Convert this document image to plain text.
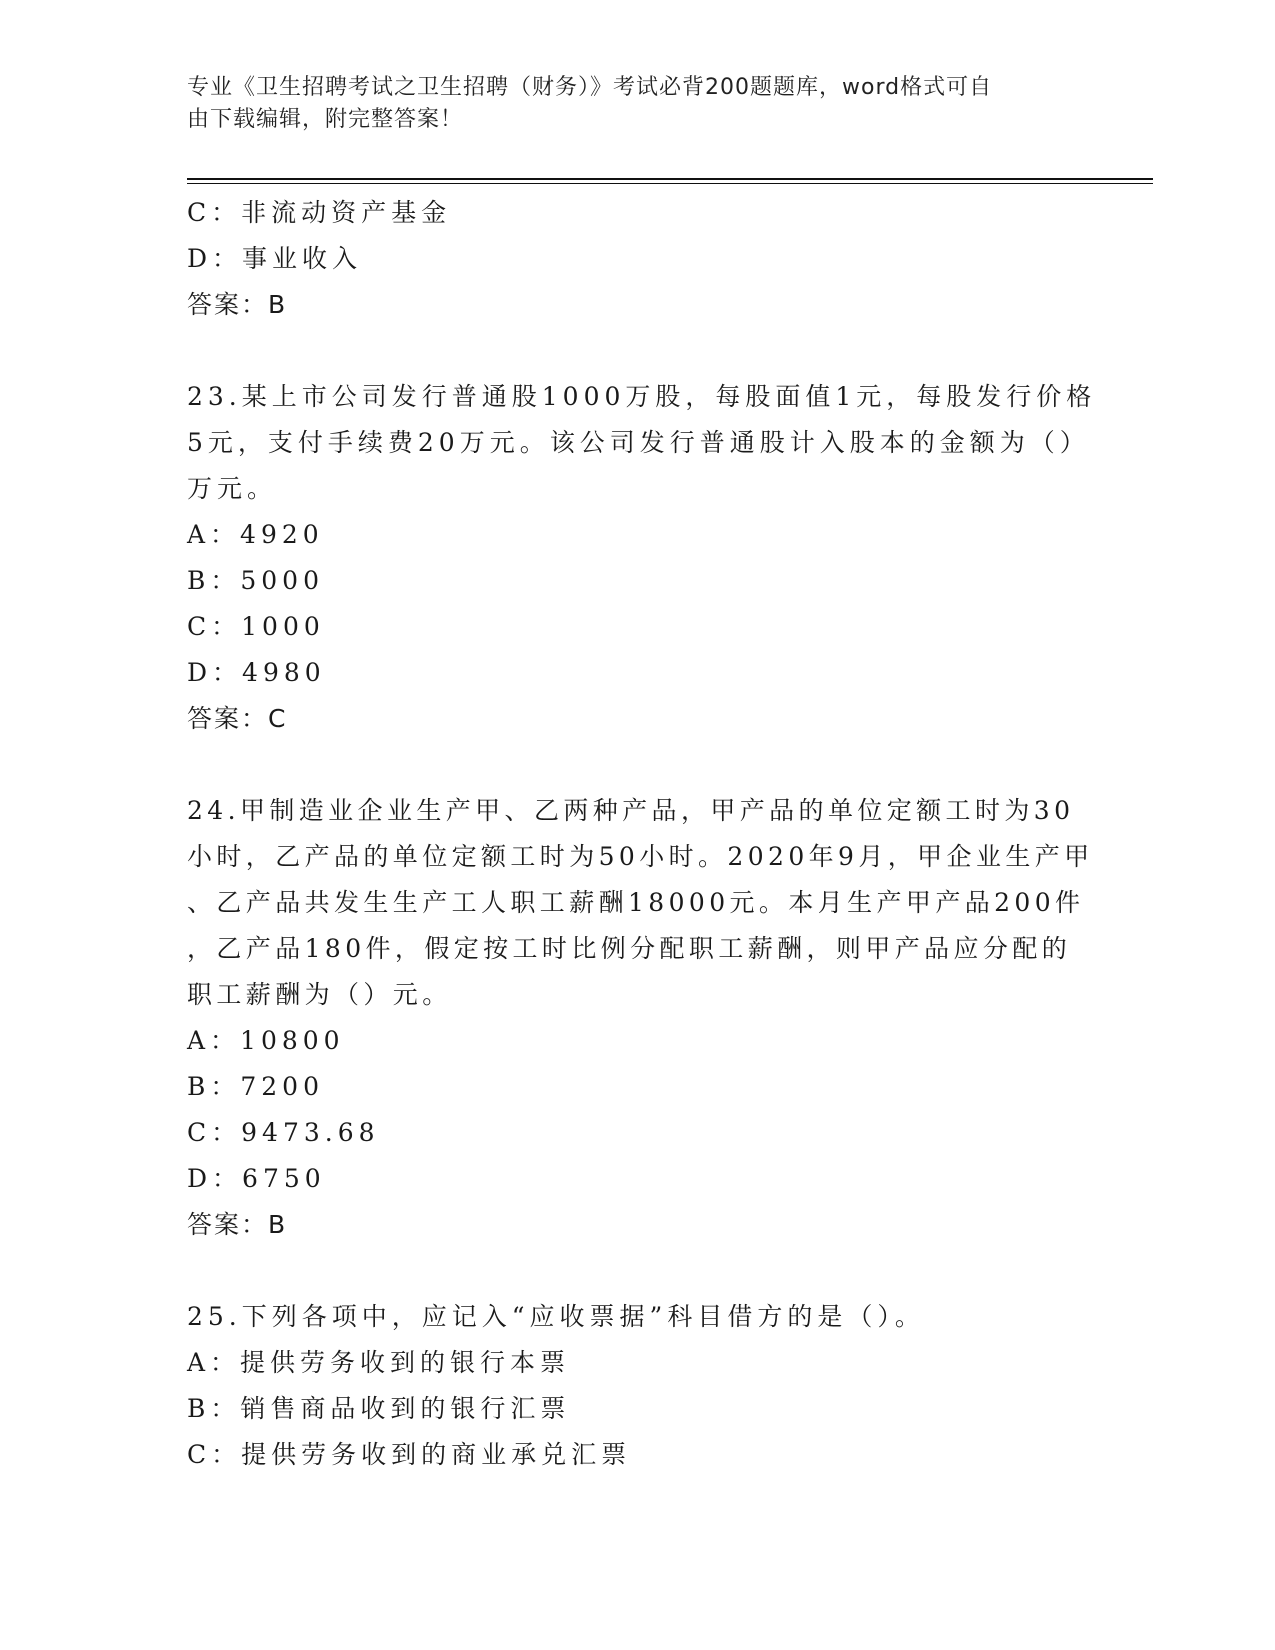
专业《卫生招聘考试之卫生招聘（财务）》考试必背200题题库，word格式可自
由下载编辑，附完整答案！
C：非流动资产基金
D：事业收入
答案：B
23.某上市公司发行普通股1000万股，每股面值1元，每股发行价格
5元，支付手续费20万元。该公司发行普通股计入股本的金额为（）
万元。
A：4920
B：5000
C：1000
D：4980
答案：C
24.甲制造业企业生产甲、乙两种产品，甲产品的单位定额工时为30
小时，乙产品的单位定额工时为50小时。2020年9月，甲企业生产甲
、乙产品共发生生产工人职工薪酬18000元。本月生产甲产品200件
，乙产品180件，假定按工时比例分配职工薪酬，则甲产品应分配的
职工薪酬为（）元。
A：10800
B：7200
C：9473.68
D：6750
答案：B
25.下列各项中，应记入“应收票据”科目借方的是（）。
A：提供劳务收到的银行本票
B：销售商品收到的银行汇票
C：提供劳务收到的商业承兑汇票
